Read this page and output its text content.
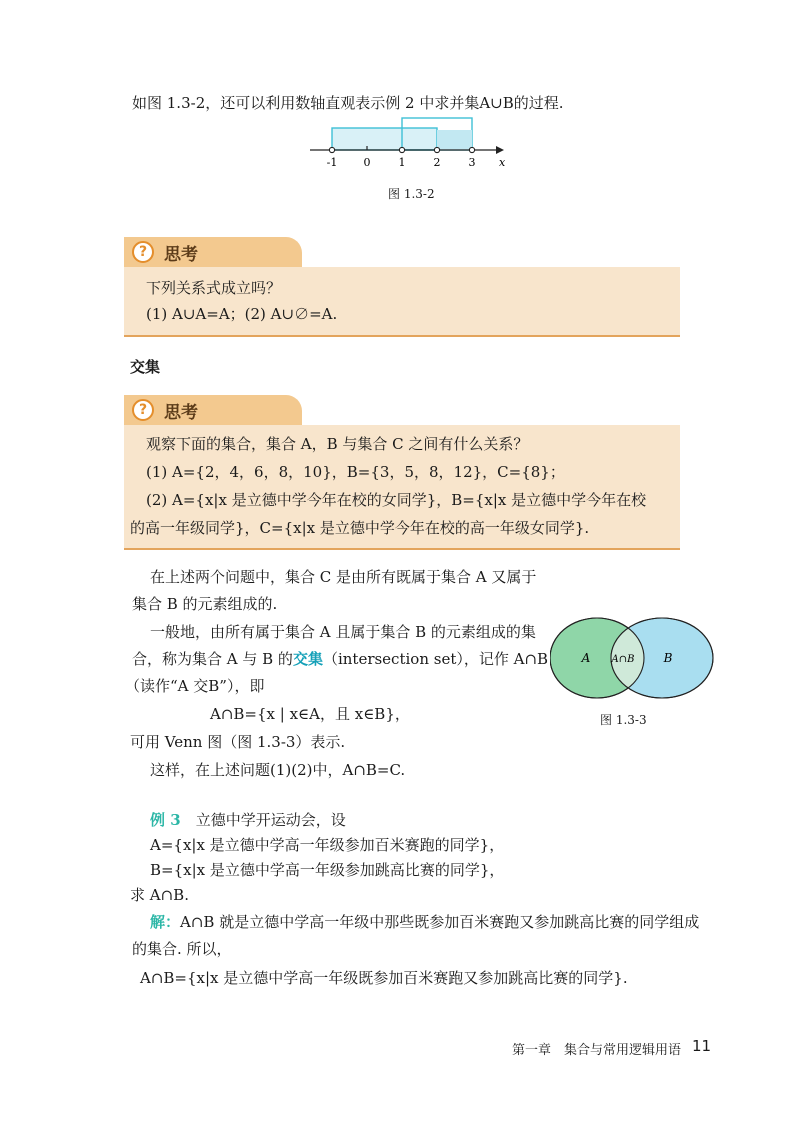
如图 1.3-2，还可以利用数轴直观表示例 2 中求并集A∪B的过程.
-1 0	1	2	3 x
图 1.3-2
? 思考
下列关系式成立吗？
(1) A∪A=A；(2) A∪∅=A.
交集
? 思考
观察下面的集合，集合 A，B 与集合 C 之间有什么关系？
(1) A={2，4，6，8，10}，B={3，5，8，12}，C={8}；
(2) A={x|x 是立德中学今年在校的女同学}，B={x|x 是立德中学今年在校
的高一年级同学}，C={x|x 是立德中学今年在校的高一年级女同学}.
在上述两个问题中，集合 C 是由所有既属于集合 A 又属于
集合 B 的元素组成的.
一般地，由所有属于集合 A 且属于集合 B 的元素组成的集
合，称为集合 A 与 B 的交集（intersection set），记作 A∩B
（读作“A 交B”），即
A∩B={x | x∈A，且 x∈B}，
可用 Venn 图（图 1.3-3）表示.
这样，在上述问题(1)(2)中，A∩B=C.
A A∩B B
图 1.3-3
例 3　 立德中学开运动会，设
A={x|x 是立德中学高一年级参加百米赛跑的同学}，
B={x|x 是立德中学高一年级参加跳高比赛的同学}，
求 A∩B.
解：A∩B 就是立德中学高一年级中那些既参加百米赛跑又参加跳高比赛的同学组成
的集合. 所以，
A∩B={x|x 是立德中学高一年级既参加百米赛跑又参加跳高比赛的同学}.
第一章　集合与常用逻辑用语 11
